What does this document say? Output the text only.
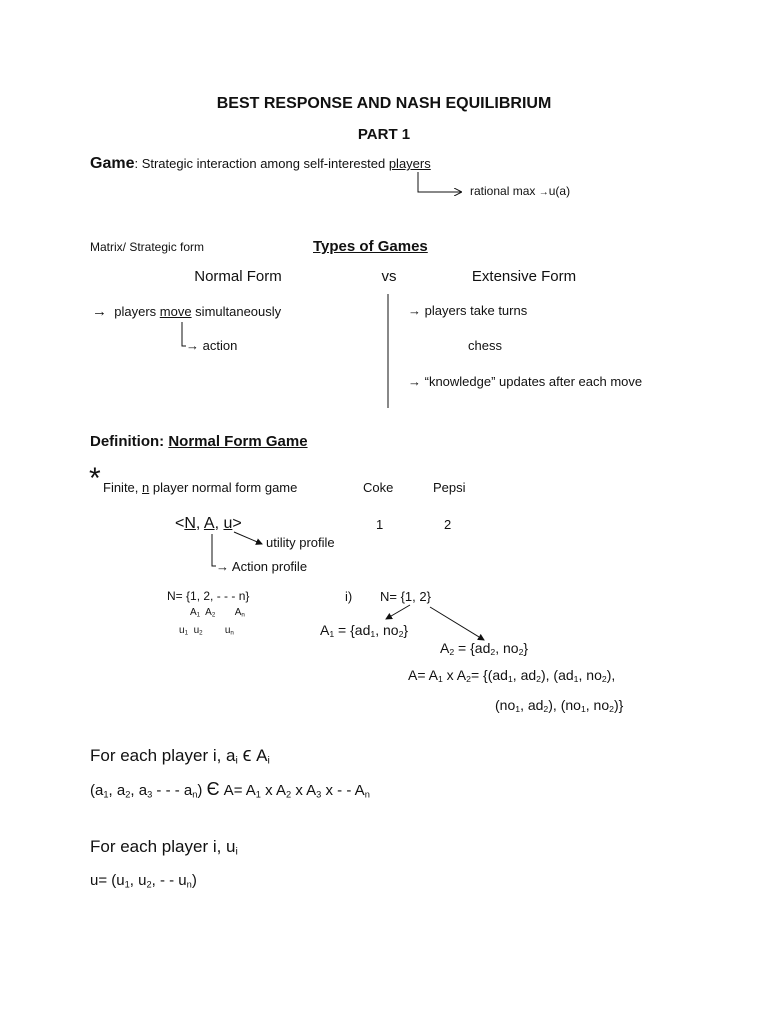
BEST RESPONSE AND NASH EQUILIBRIUM
PART 1
Game: Strategic interaction among self-interested players
rational max →u(a)
Matrix/ Strategic form	Types of Games
Normal Form	vs	Extensive Form
→ players move simultaneously
→ action
→ players take turns
chess
→ “knowledge” updates after each move
Definition: Normal Form Game
* Finite, n player normal form game	Coke	Pepsi
1	2
<N, A, u>
utility profile
→ Action profile
N= {1, 2, - - - n}
$A_1$ $A_2$ $A_n$
$u_1$ $u_2$ $u_n$
i) N= {1, 2}
$A_1 = \{ad_1$, $no_2$}
$A_2 = \{ad_2$, $no_2$}
$A= A_1$ x $A_2= \{(ad_1$, $ad_2$), ($ad_1$, $no_2$),
($no_1$, $ad_2$), ($no_1$, $no_2$)}
For each player i, $a_i$ ϵ $A_i$
($a_1$, $a_2$, $a_3$ - - - $a_n$) Є $A= A_1$ x $A_2$ x $A_3$ x - - $A_n$
For each player i, $u_i$
$u= (u_1$, $u_2$, - - $u_n$)
